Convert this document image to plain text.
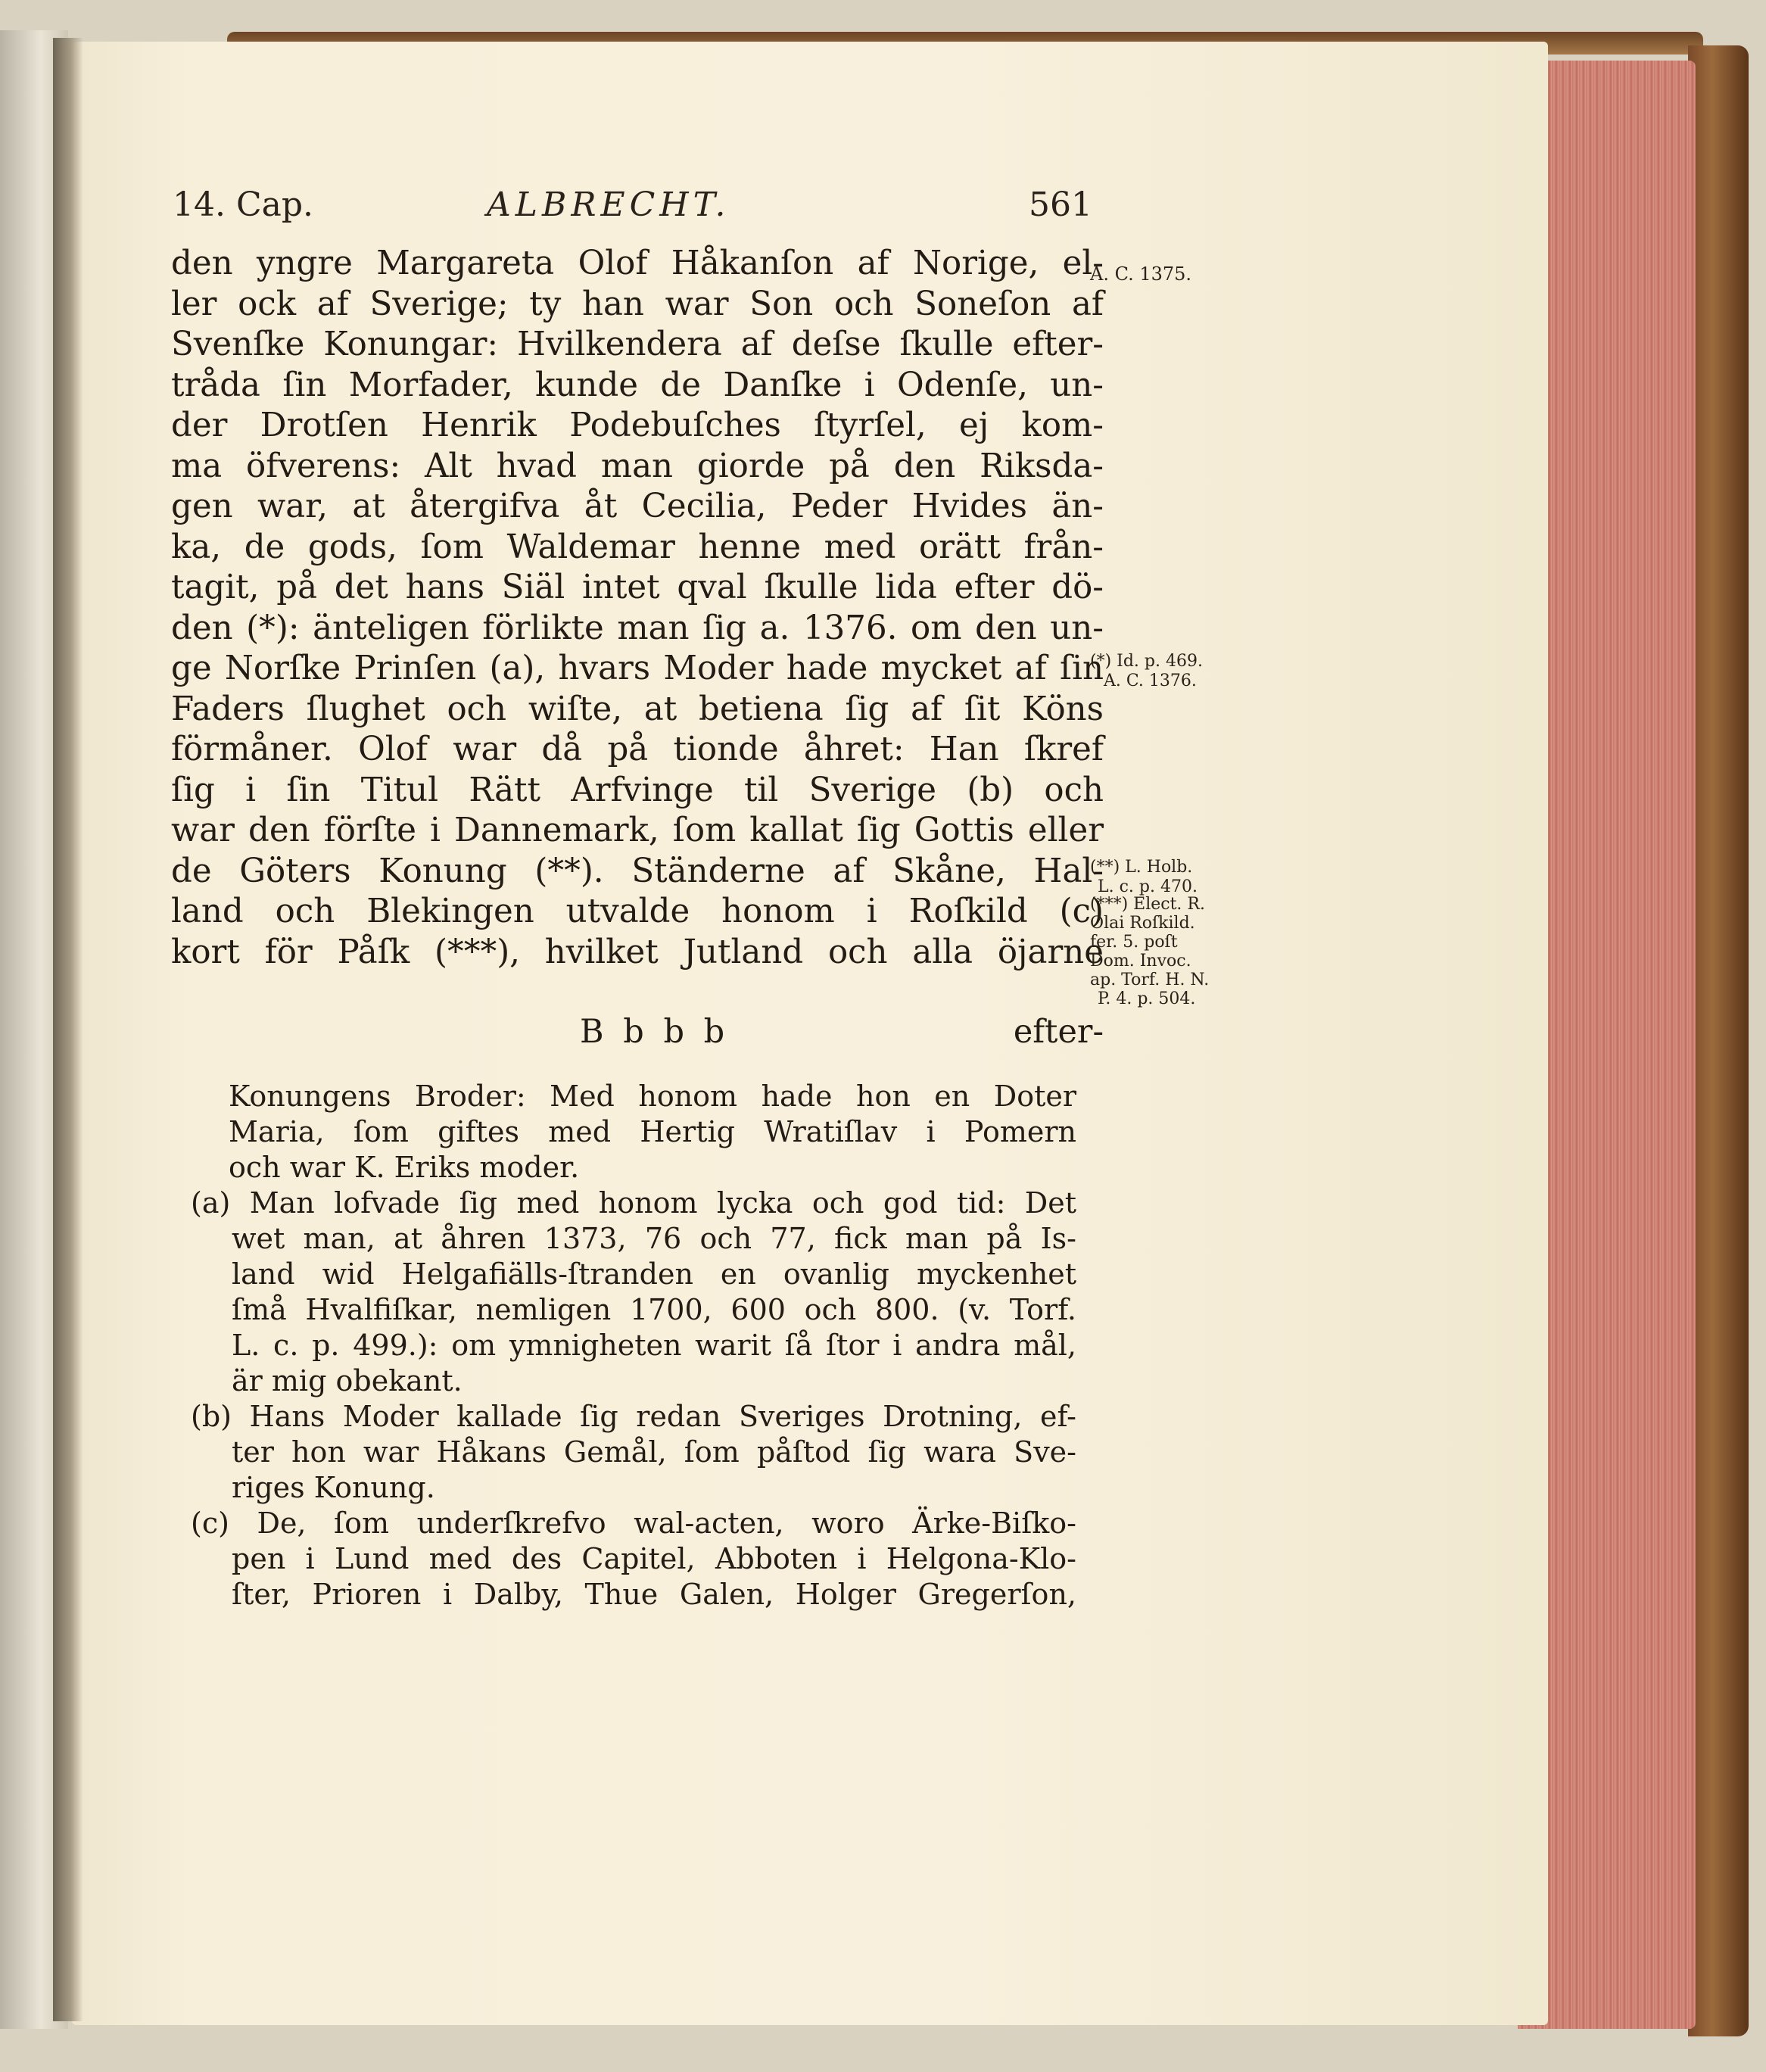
14. Cap.	ALBRECHT.	561
den yngre Margareta Olof Håkanſon af Norige, el-
ler ock af Sverige; ty han war Son och Soneſon af
Svenſke Konungar: Hvilkendera af deſse ſkulle efter-
tråda ſin Morfader, kunde de Danſke i Odenſe, un-
der Drotſen Henrik Podebuſches ſtyrſel, ej kom-
ma öfverens: Alt hvad man giorde på den Riksda-
gen war, at återgifva åt Cecilia, Peder Hvides än-
ka, de gods, ſom Waldemar henne med orätt från-
tagit, på det hans Siäl intet qval ſkulle lida efter dö-
den (*): änteligen förlikte man ſig a. 1376. om den un-
ge Norſke Prinſen (a), hvars Moder hade mycket af ſin
Faders ſlughet och wiſte, at betiena ſig af ſit Köns
förmåner. Olof war då på tionde åhret: Han ſkref
ſig i ſin Titul Rätt Arfvinge til Sverige (b) och
war den förſte i Dannemark, ſom kallat ſig Gottis eller
de Göters Konung (**). Ständerne af Skåne, Hal-
land och Blekingen utvalde honom i Roſkild (c)
kort för Påſk (***), hvilket Jutland och alla öjarne
B b b b	efter-
A. C. 1375.
(*) Id. p. 469.
A. C. 1376.
(**) L. Holb.
L. c. p. 470.
(***) Elect. R.
Olai Roſkild.
fer. 5. poſt
Dom. Invoc.
ap. Torf. H. N.
P. 4. p. 504.
Konungens Broder: Med honom hade hon en Doter
Maria, ſom giftes med Hertig Wratiſlav i Pomern
och war K. Eriks moder.
(a) Man lofvade ſig med honom lycka och god tid: Det
wet man, at åhren 1373, 76 och 77, fick man på Is-
land wid Helgafiälls-ſtranden en ovanlig myckenhet
ſmå Hvalfiſkar, nemligen 1700, 600 och 800. (v. Torf.
L. c. p. 499.): om ymnigheten warit ſå ſtor i andra mål,
är mig obekant.
(b) Hans Moder kallade ſig redan Sveriges Drotning, ef-
ter hon war Håkans Gemål, ſom påſtod ſig wara Sve-
riges Konung.
(c) De, ſom underſkrefvo wal-acten, woro Ärke-Biſko-
pen i Lund med des Capitel, Abboten i Helgona-Klo-
ſter, Prioren i Dalby, Thue Galen, Holger Gregerſon,
